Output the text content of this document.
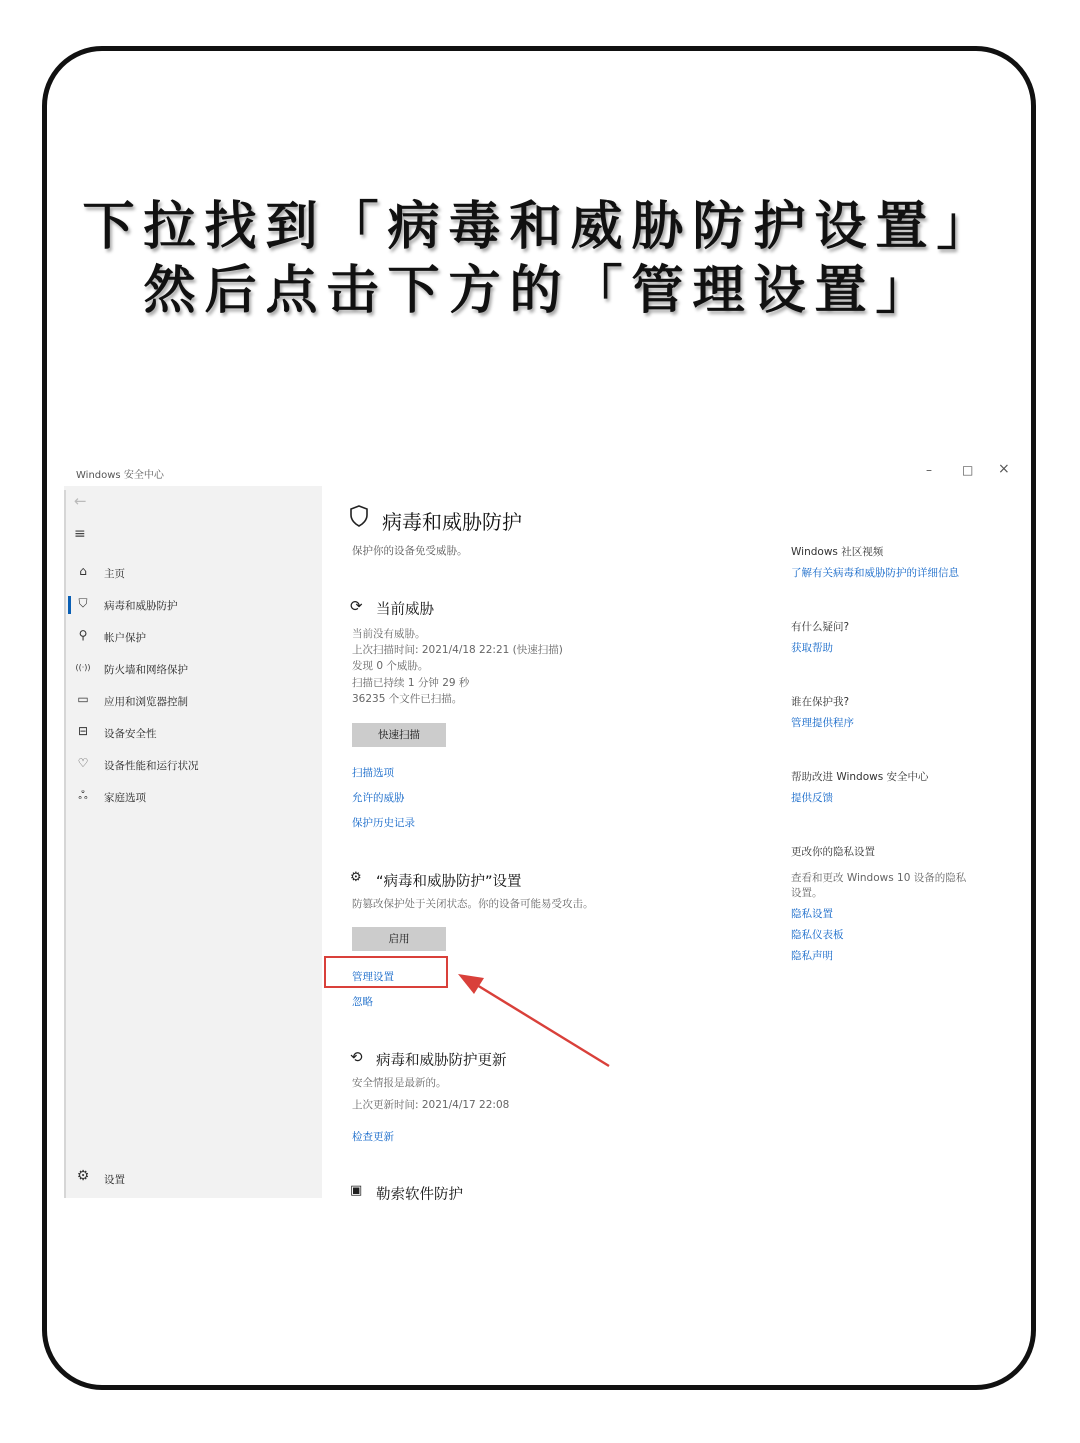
下拉找到「病毒和威胁防护设置」
然后点击下方的「管理设置」
Windows 安全中心	–	□ ×
←
≡
⌂	主页
⛉	病毒和威胁防护
⚲	帐户保护
((·)) 防火墙和网络保护
▭ 应用和浏览器控制
⊟ 设备安全性
♡ 设备性能和运行状况
ஃ	家庭选项
⚙ 设置
病毒和威胁防护
保护你的设备免受威胁。
⟳ 当前威胁
当前没有威胁。
上次扫描时间: 2021/4/18 22:21 (快速扫描)
发现 0 个威胁。
扫描已持续 1 分钟 29 秒
36235 个文件已扫描。
快速扫描
扫描选项
允许的威胁
保护历史记录
⚙ “病毒和威胁防护”设置
防篡改保护处于关闭状态。你的设备可能易受攻击。
启用
管理设置
忽略
⟲ 病毒和威胁防护更新
安全情报是最新的。
上次更新时间: 2021/4/17 22:08
检查更新
▣ 勒索软件防护
Windows 社区视频
了解有关病毒和威胁防护的详细信息
有什么疑问?
获取帮助
谁在保护我?
管理提供程序
帮助改进 Windows 安全中心
提供反馈
更改你的隐私设置
查看和更改 Windows 10 设备的隐私
设置。
隐私设置
隐私仪表板
隐私声明
